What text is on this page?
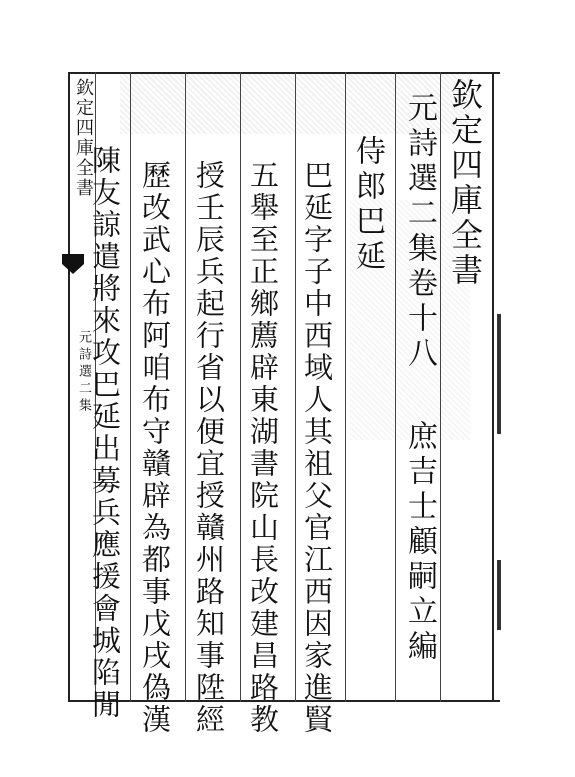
欽定四庫全書
元詩選二集卷十八
庶吉士顧嗣立編
侍郎巴延
巴延字子中西域人其祖父官江西因家進賢
五舉至正鄉薦辟東湖書院山長改建昌路教
授壬辰兵起行省以便宜授贛州路知事陞經
歷改武心布阿咱布守贛辟為都事戊戌偽漢
陳友諒遣將來攻巴延出募兵應援會城陷閒
欽定四庫全書
元詩選二集
